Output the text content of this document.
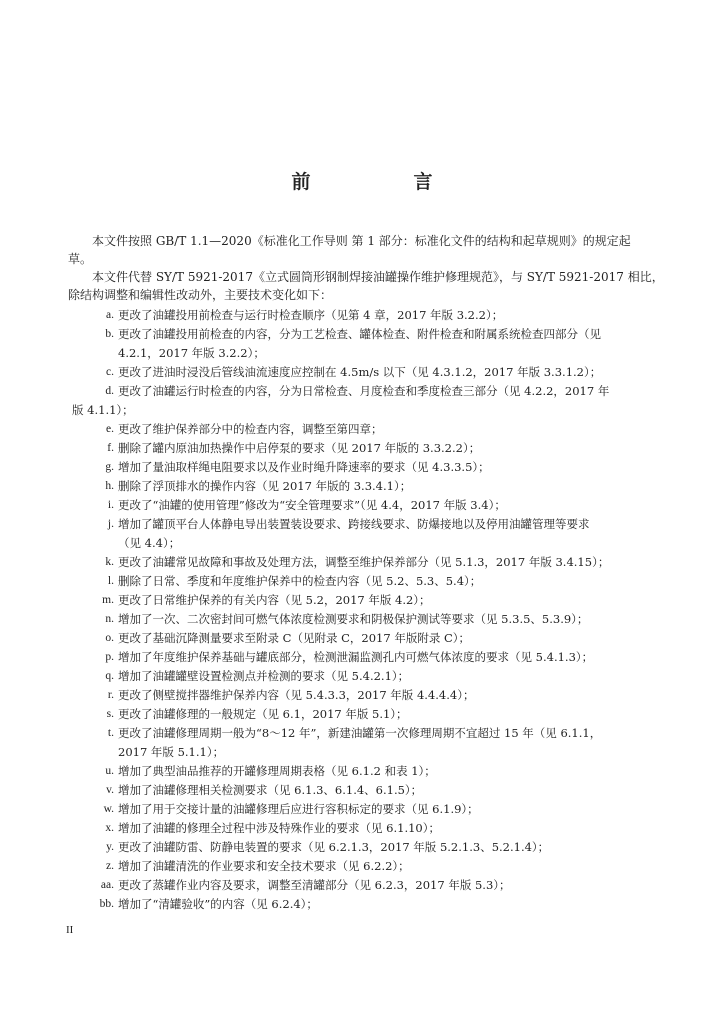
前　言
本文件按照 GB/T 1.1—2020《标准化工作导则 第 1 部分：标准化文件的结构和起草规则》的规定起
草。
本文件代替 SY/T 5921-2017《立式圆筒形钢制焊接油罐操作维护修理规范》，与 SY/T 5921-2017 相比，
除结构调整和编辑性改动外，主要技术变化如下：
a. 更改了油罐投用前检查与运行时检查顺序（见第 4 章，2017 年版 3.2.2）；
b. 更改了油罐投用前检查的内容，分为工艺检查、罐体检查、附件检查和附属系统检查四部分（见
4.2.1，2017 年版 3.2.2）；
c. 更改了进油时浸没后管线油流速度应控制在 4.5m/s 以下（见 4.3.1.2，2017 年版 3.3.1.2）；
d. 更改了油罐运行时检查的内容，分为日常检查、月度检查和季度检查三部分（见 4.2.2，2017 年
版 4.1.1）；
e. 更改了维护保养部分中的检查内容，调整至第四章；
f. 删除了罐内原油加热操作中启停泵的要求（见 2017 年版的 3.3.2.2）；
g. 增加了量油取样绳电阻要求以及作业时绳升降速率的要求（见 4.3.3.5）；
h. 删除了浮顶排水的操作内容（见 2017 年版的 3.3.4.1）；
i. 更改了“油罐的使用管理”修改为“安全管理要求”（见 4.4，2017 年版 3.4）；
j. 增加了罐顶平台人体静电导出装置装设要求、跨接线要求、防爆接地以及停用油罐管理等要求
（见 4.4）；
k. 更改了油罐常见故障和事故及处理方法，调整至维护保养部分（见 5.1.3，2017 年版 3.4.15）；
l. 删除了日常、季度和年度维护保养中的检查内容（见 5.2、5.3、5.4）；
m. 更改了日常维护保养的有关内容（见 5.2，2017 年版 4.2）；
n. 增加了一次、二次密封间可燃气体浓度检测要求和阴极保护测试等要求（见 5.3.5、5.3.9）；
o. 更改了基础沉降测量要求至附录 C（见附录 C，2017 年版附录 C）；
p. 增加了年度维护保养基础与罐底部分，检测泄漏监测孔内可燃气体浓度的要求（见 5.4.1.3）；
q. 增加了油罐罐壁设置检测点并检测的要求（见 5.4.2.1）；
r. 更改了侧壁搅拌器维护保养内容（见 5.4.3.3，2017 年版 4.4.4.4）；
s. 更改了油罐修理的一般规定（见 6.1，2017 年版 5.1）；
t. 更改了油罐修理周期一般为“8～12 年”，新建油罐第一次修理周期不宜超过 15 年（见 6.1.1，
2017 年版 5.1.1）；
u. 增加了典型油品推荐的开罐修理周期表格（见 6.1.2 和表 1）；
v. 增加了油罐修理相关检测要求（见 6.1.3、6.1.4、6.1.5）；
w. 增加了用于交接计量的油罐修理后应进行容积标定的要求（见 6.1.9）；
x. 增加了油罐的修理全过程中涉及特殊作业的要求（见 6.1.10）；
y. 更改了油罐防雷、防静电装置的要求（见 6.2.1.3，2017 年版 5.2.1.3、5.2.1.4）；
z. 增加了油罐清洗的作业要求和安全技术要求（见 6.2.2）；
aa. 更改了蒸罐作业内容及要求，调整至清罐部分（见 6.2.3，2017 年版 5.3）；
bb. 增加了“清罐验收”的内容（见 6.2.4）；
II
